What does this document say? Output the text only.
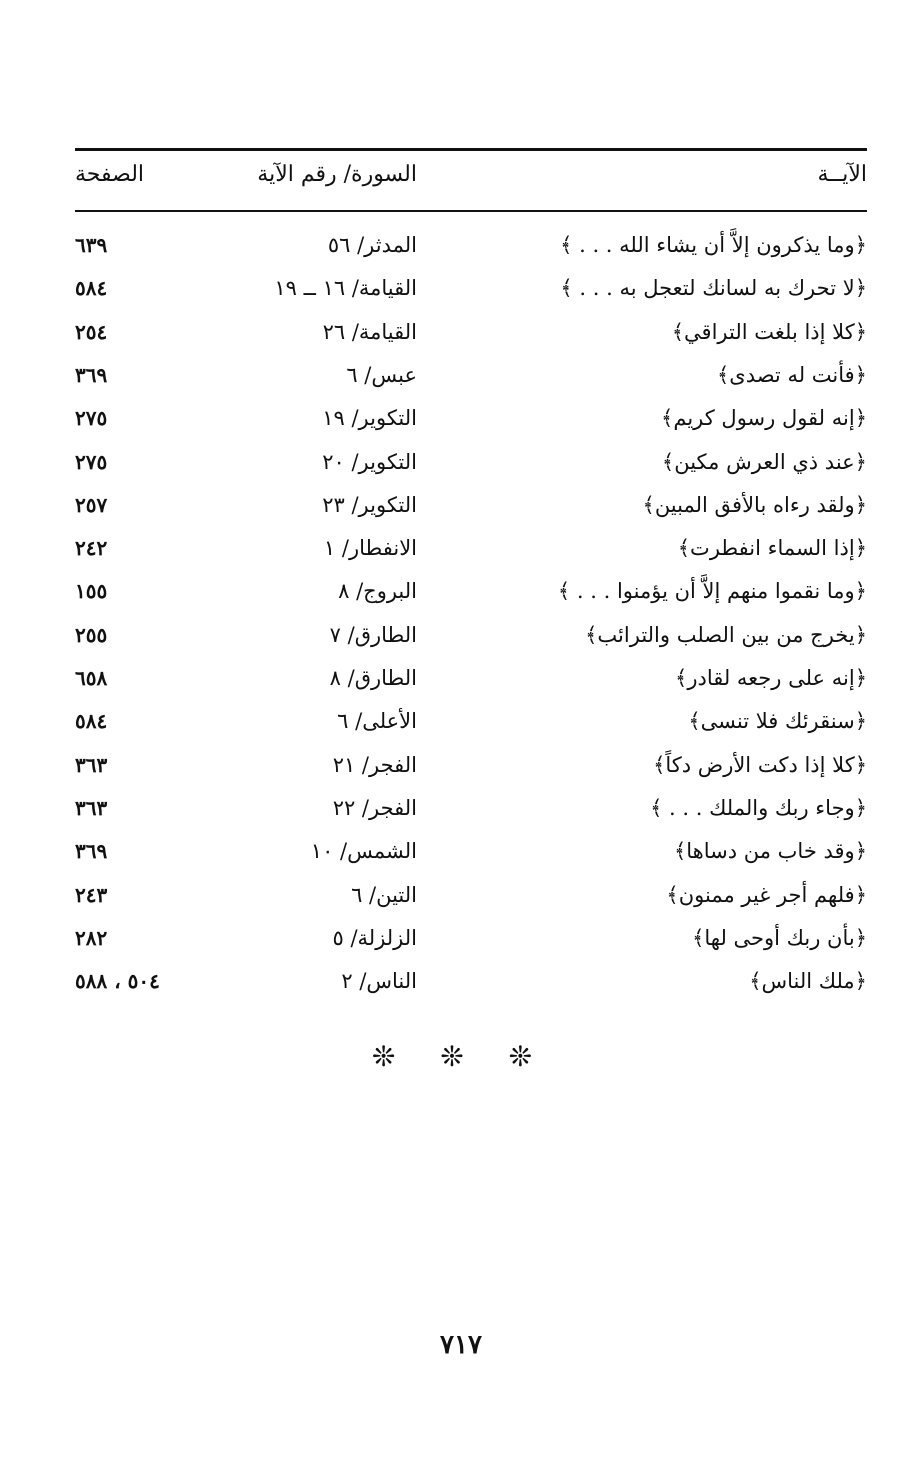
الآيــة
السورة/ رقم الآية
الصفحة
﴿وما يذكرون إلاَّ أن يشاء الله . . . ﴾
المدثر/ ٥٦
٦٣٩
﴿لا تحرك به لسانك لتعجل به . . . ﴾
القيامة/ ١٦ ــ ١٩
٥٨٤
﴿كلا إذا بلغت التراقي﴾
القيامة/ ٢٦
٢٥٤
﴿فأنت له تصدى﴾
عبس/ ٦
٣٦٩
﴿إنه لقول رسول كريم﴾
التكوير/ ١٩
٢٧٥
﴿عند ذي العرش مكين﴾
التكوير/ ٢٠
٢٧٥
﴿ولقد رءاه بالأفق المبين﴾
التكوير/ ٢٣
٢٥٧
﴿إذا السماء انفطرت﴾
الانفطار/ ١
٢٤٢
﴿وما نقموا منهم إلاَّ أن يؤمنوا . . . ﴾
البروج/ ٨
١٥٥
﴿يخرج من بين الصلب والترائب﴾
الطارق/ ٧
٢٥٥
﴿إنه على رجعه لقادر﴾
الطارق/ ٨
٦٥٨
﴿سنقرئك فلا تنسى﴾
الأعلى/ ٦
٥٨٤
﴿كلا إذا دكت الأرض دكاً﴾
الفجر/ ٢١
٣٦٣
﴿وجاء ربك والملك . . . ﴾
الفجر/ ٢٢
٣٦٣
﴿وقد خاب من دساها﴾
الشمس/ ١٠
٣٦٩
﴿فلهم أجر غير ممنون﴾
التين/ ٦
٢٤٣
﴿بأن ربك أوحى لها﴾
الزلزلة/ ٥
٢٨٢
﴿ملك الناس﴾
الناس/ ٢
٥٠٤ ، ٥٨٨
❊ ❊ ❊
٧١٧
